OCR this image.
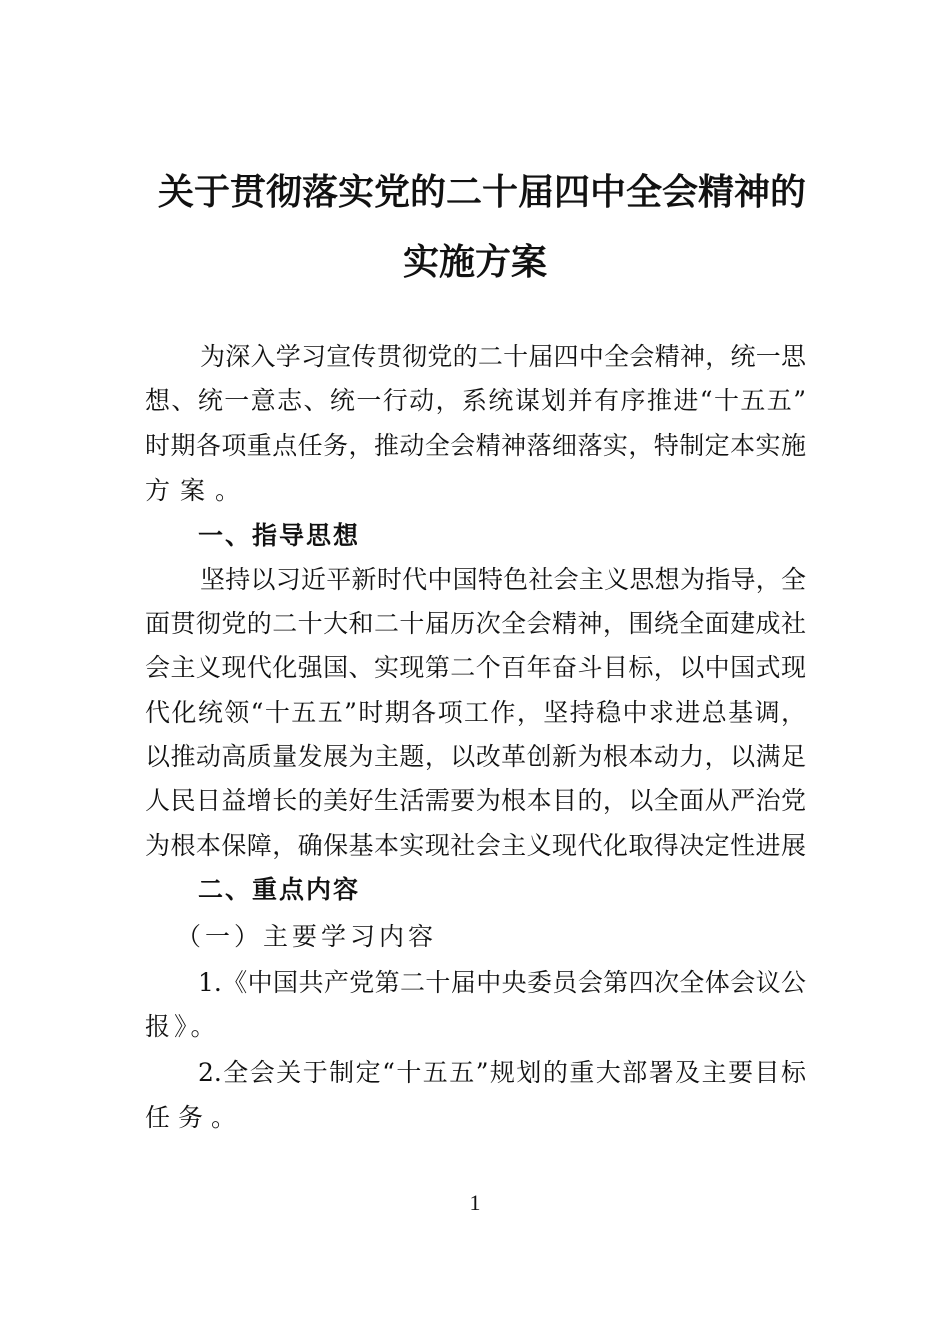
关于贯彻落实党的二十届四中全会精神的
实施方案
为深入学习宣传贯彻党的二十届四中全会精神，统一思
想、统一意志、统一行动，系统谋划并有序推进“十五五”
时期各项重点任务，推动全会精神落细落实，特制定本实施
方案。
一、指导思想
坚持以习近平新时代中国特色社会主义思想为指导，全
面贯彻党的二十大和二十届历次全会精神，围绕全面建成社
会主义现代化强国、实现第二个百年奋斗目标，以中国式现
代化统领“十五五”时期各项工作，坚持稳中求进总基调，
以推动高质量发展为主题，以改革创新为根本动力，以满足
人民日益增长的美好生活需要为根本目的，以全面从严治党
为根本保障，确保基本实现社会主义现代化取得决定性进展
二、重点内容
（一）主要学习内容
1.《中国共产党第二十届中央委员会第四次全体会议公
报》。
2.全会关于制定“十五五”规划的重大部署及主要目标
任务。
1
